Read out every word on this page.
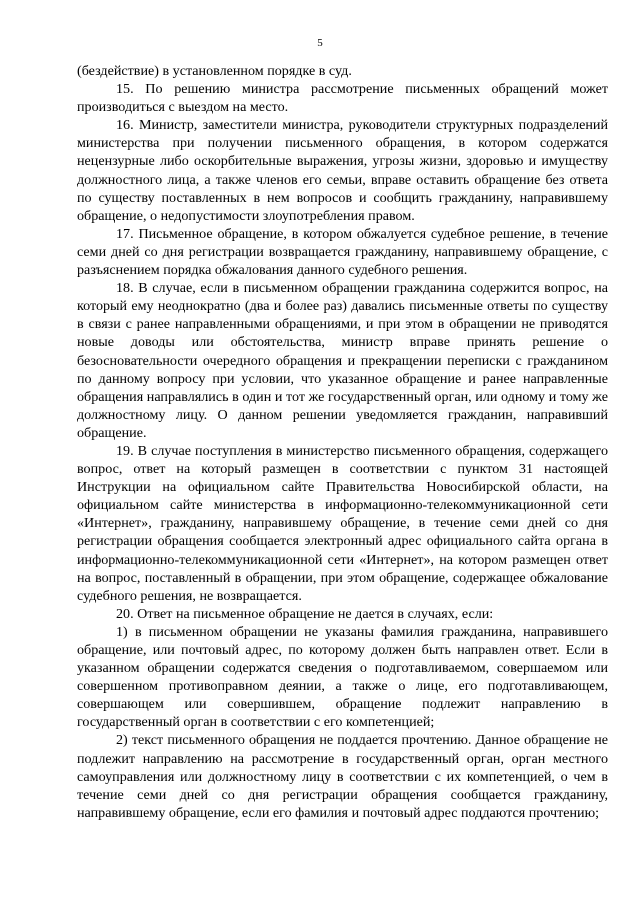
5

(бездействие) в установленном порядке в суд.

15. По решению министра рассмотрение письменных обращений может производиться с выездом на место.

16. Министр, заместители министра, руководители структурных подразделений министерства при получении письменного обращения, в котором содержатся нецензурные либо оскорбительные выражения, угрозы жизни, здоровью и имуществу должностного лица, а также членов его семьи, вправе оставить обращение без ответа по существу поставленных в нем вопросов и сообщить гражданину, направившему обращение, о недопустимости злоупотребления правом.

17. Письменное обращение, в котором обжалуется судебное решение, в течение семи дней со дня регистрации возвращается гражданину, направившему обращение, с разъяснением порядка обжалования данного судебного решения.

18. В случае, если в письменном обращении гражданина содержится вопрос, на который ему неоднократно (два и более раз) давались письменные ответы по существу в связи с ранее направленными обращениями, и при этом в обращении не приводятся новые доводы или обстоятельства, министр вправе принять решение о безосновательности очередного обращения и прекращении переписки с гражданином по данному вопросу при условии, что указанное обращение и ранее направленные обращения направлялись в один и тот же государственный орган, или одному и тому же должностному лицу. О данном решении уведомляется гражданин, направивший обращение.

19. В случае поступления в министерство письменного обращения, содержащего вопрос, ответ на который размещен в соответствии с пунктом 31 настоящей Инструкции на официальном сайте Правительства Новосибирской области, на официальном сайте министерства в информационно-телекоммуникационной сети «Интернет», гражданину, направившему обращение, в течение семи дней со дня регистрации обращения сообщается электронный адрес официального сайта органа в информационно-телекоммуникационной сети «Интернет», на котором размещен ответ на вопрос, поставленный в обращении, при этом обращение, содержащее обжалование судебного решения, не возвращается.

20. Ответ на письменное обращение не дается в случаях, если:

1) в письменном обращении не указаны фамилия гражданина, направившего обращение, или почтовый адрес, по которому должен быть направлен ответ. Если в указанном обращении содержатся сведения о подготавливаемом, совершаемом или совершенном противоправном деянии, а также о лице, его подготавливающем, совершающем или совершившем, обращение подлежит направлению в государственный орган в соответствии с его компетенцией;

2) текст письменного обращения не поддается прочтению. Данное обращение не подлежит направлению на рассмотрение в государственный орган, орган местного самоуправления или должностному лицу в соответствии с их компетенцией, о чем в течение семи дней со дня регистрации обращения сообщается гражданину, направившему обращение, если его фамилия и почтовый адрес поддаются прочтению;
